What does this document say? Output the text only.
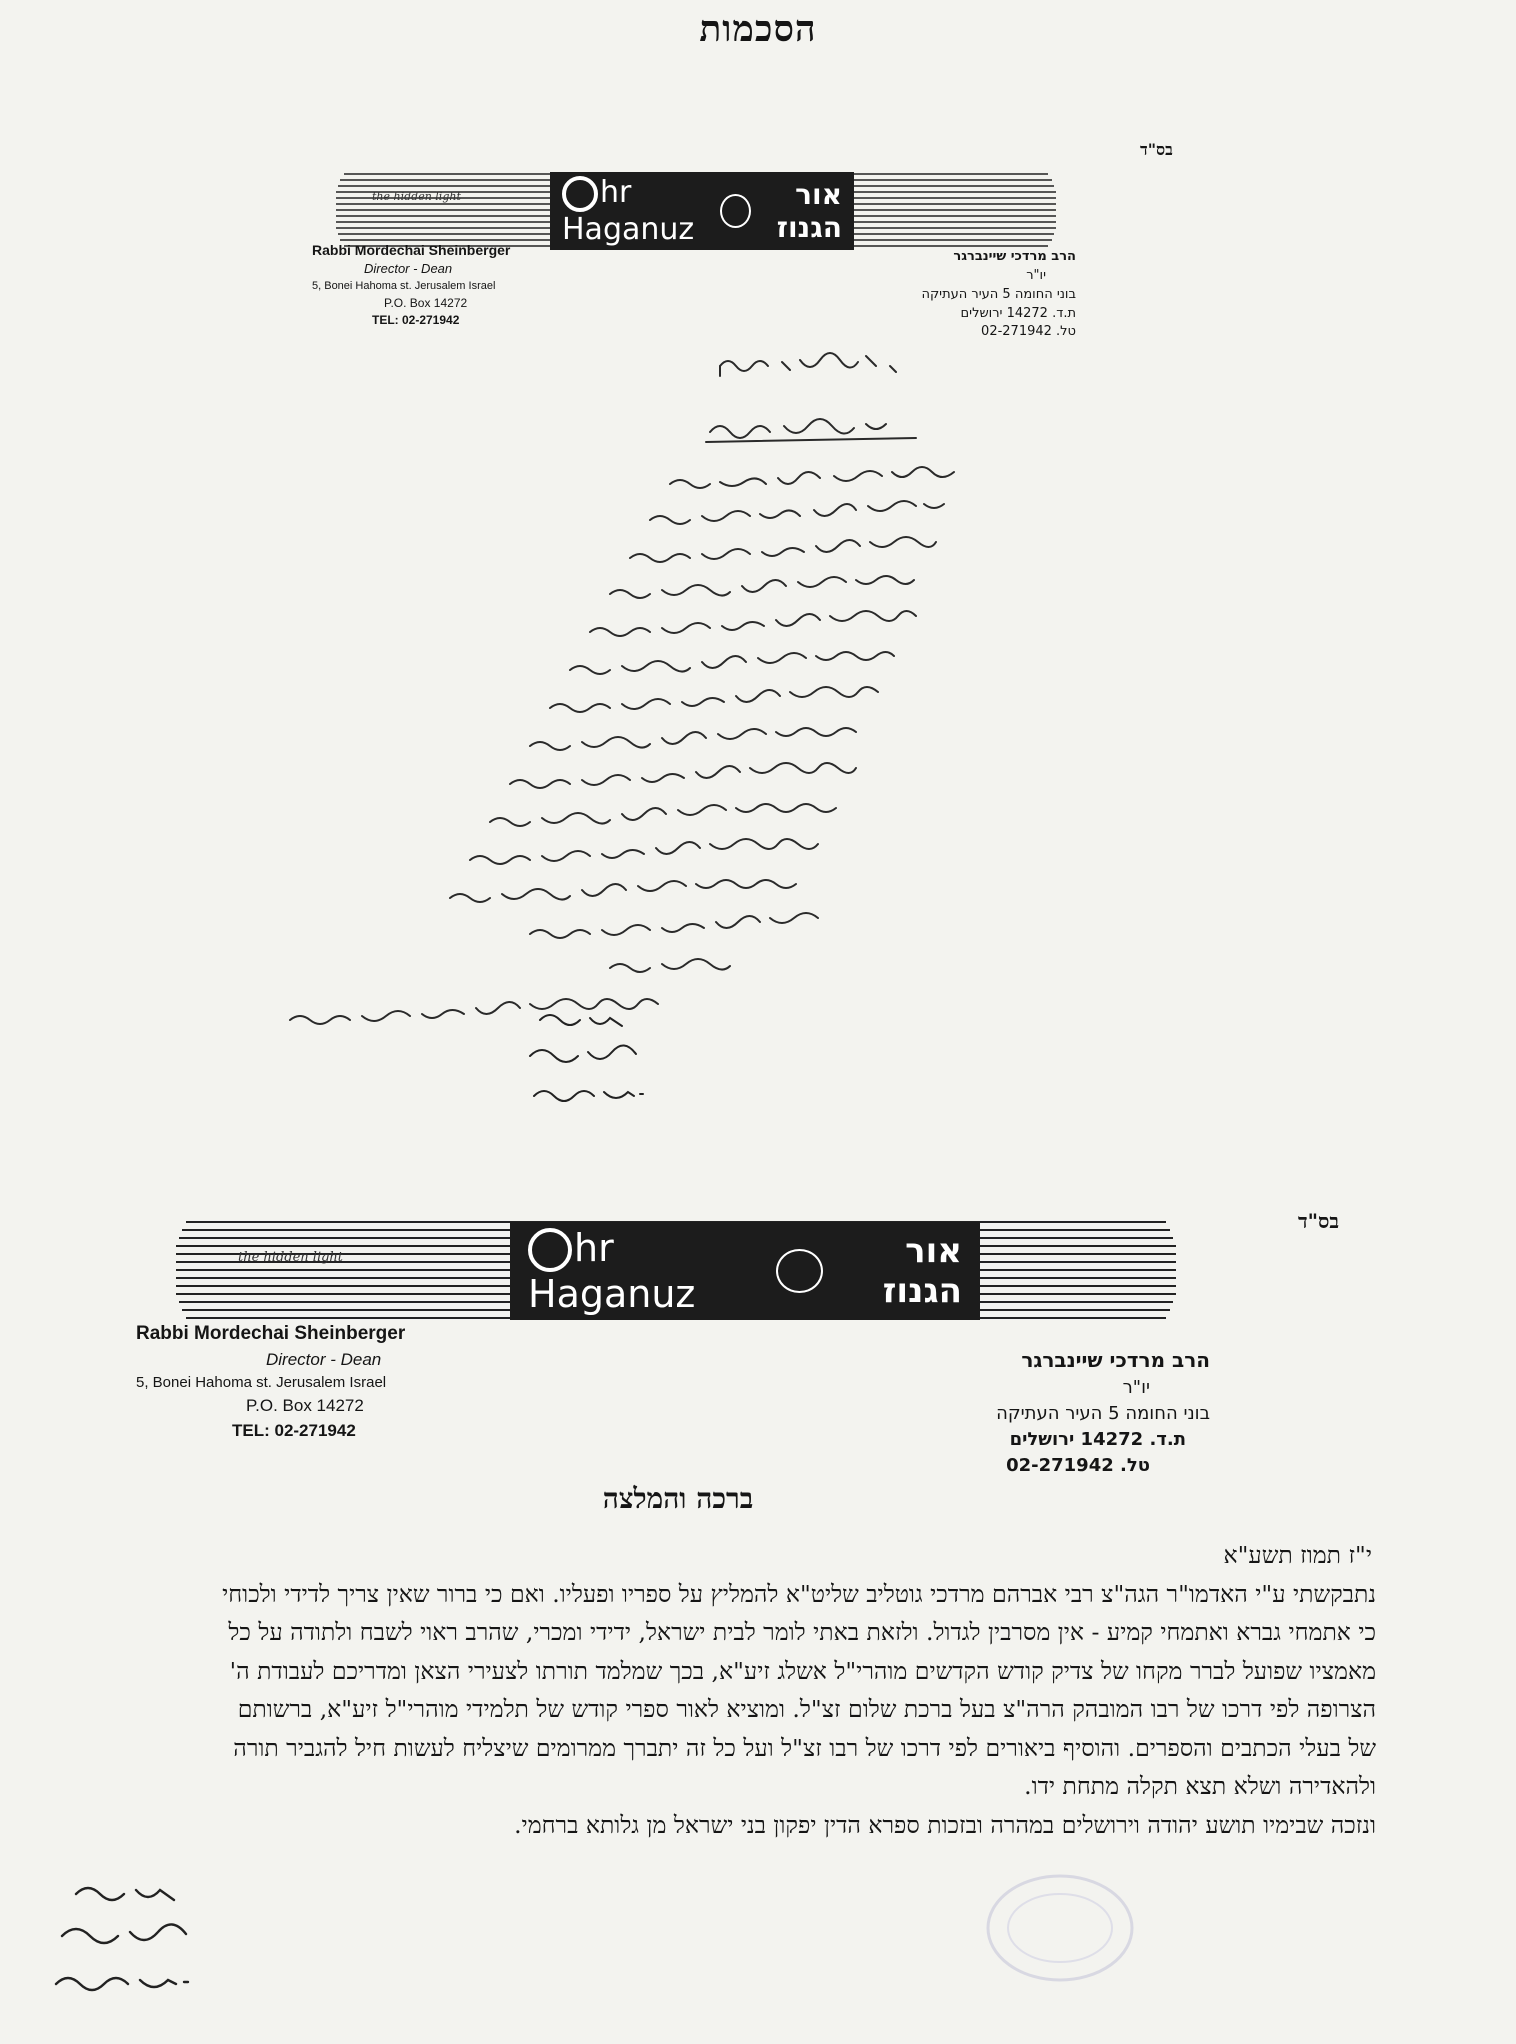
הסכמות
בס"ד
hr Haganuz
אור הגנוז
the hidden light
Rabbi Mordechai Sheinberger
Director - Dean
5, Bonei Hahoma st. Jerusalem Israel
P.O. Box 14272
TEL: 02-271942
הרב מרדכי שיינברגר
יו"ר
בוני החומה 5 העיר העתיקה
ת.ד. 14272 ירושלים
טל. 02-271942
בס"ד
hr Haganuz
אור הגנוז
the hidden light
Rabbi Mordechai Sheinberger
Director - Dean
5, Bonei Hahoma st. Jerusalem Israel
P.O. Box 14272
TEL: 02-271942
הרב מרדכי שיינברגר
יו"ר
בוני החומה 5 העיר העתיקה
ת.ד. 14272 ירושלים
טל. 02-271942
ברכה והמלצה
י"ז תמוז תשע"א
נתבקשתי ע"י האדמו"ר הגה"צ רבי אברהם מרדכי גוטליב שליט"א להמליץ על ספריו ופעליו. ואם כי ברור שאין צריך לדידי ולכוחי
כי אתמחי גברא ואתמחי קמיע - אין מסרבין לגדול. ולזאת באתי לומר לבית ישראל, ידידי ומכרי, שהרב ראוי לשבח ולתודה על כל
מאמציו שפועל לברר מקחו של צדיק קודש הקדשים מוהרי"ל אשלג זיע"א, בכך שמלמד תורתו לצעירי הצאן ומדריכם לעבודת ה'
הצרופה לפי דרכו של רבו המובהק הרה"צ בעל ברכת שלום זצ"ל. ומוציא לאור ספרי קודש של תלמידי מוהרי"ל זיע"א, ברשותם
של בעלי הכתבים והספרים. והוסיף ביאורים לפי דרכו של רבו זצ"ל ועל כל זה יתברך ממרומים שיצליח לעשות חיל להגביר תורה
ולהאדירה ושלא תצא תקלה מתחת ידו.
ונזכה שבימיו תושע יהודה וירושלים במהרה ובזכות ספרא הדין יפקון בני ישראל מן גלותא ברחמי.
